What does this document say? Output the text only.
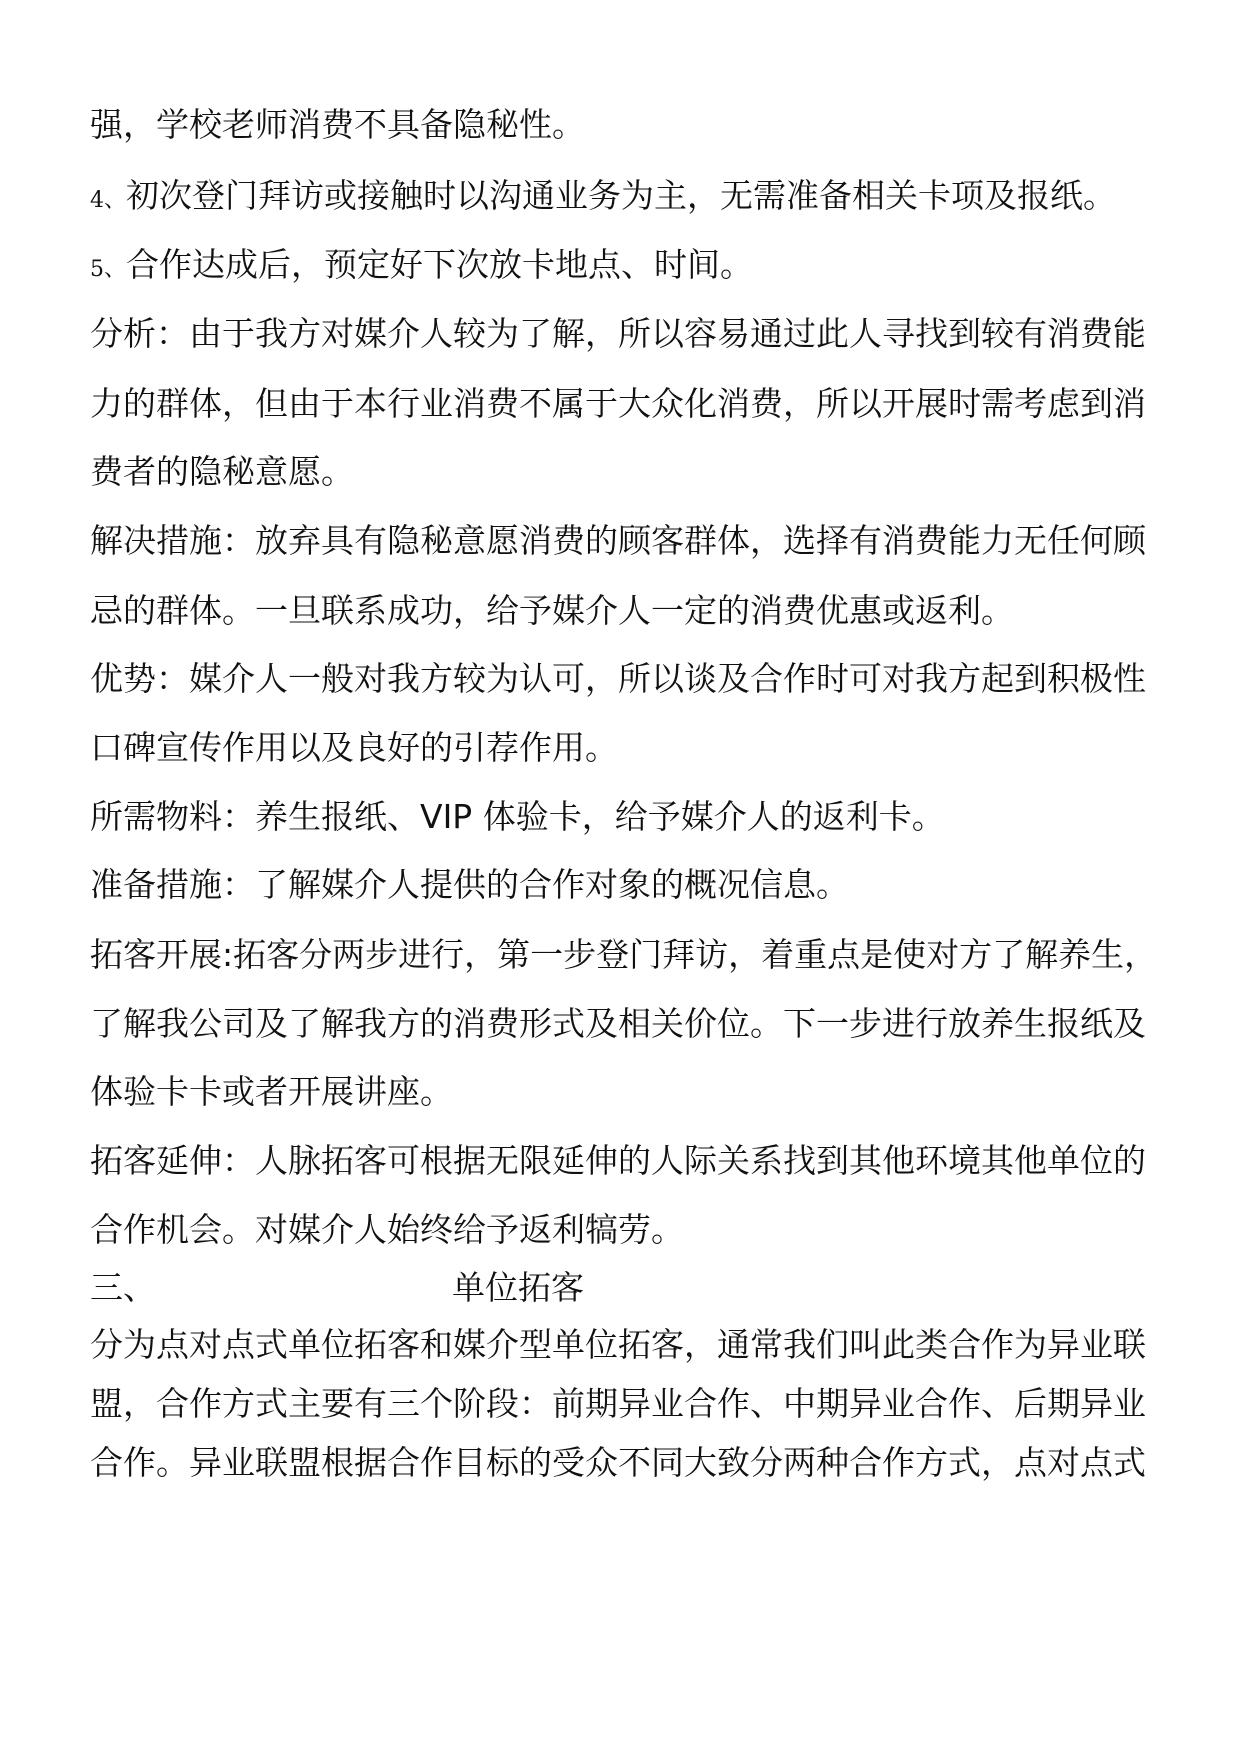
强，学校老师消费不具备隐秘性。
4、初次登门拜访或接触时以沟通业务为主，无需准备相关卡项及报纸。
5、合作达成后，预定好下次放卡地点、时间。
分析：由于我方对媒介人较为了解，所以容易通过此人寻找到较有消费能
力的群体，但由于本行业消费不属于大众化消费，所以开展时需考虑到消
费者的隐秘意愿。
解决措施：放弃具有隐秘意愿消费的顾客群体，选择有消费能力无任何顾
忌的群体。一旦联系成功，给予媒介人一定的消费优惠或返利。
优势：媒介人一般对我方较为认可，所以谈及合作时可对我方起到积极性
口碑宣传作用以及良好的引荐作用。
所需物料：养生报纸、VIP 体验卡，给予媒介人的返利卡。
准备措施：了解媒介人提供的合作对象的概况信息。
拓客开展:拓客分两步进行，第一步登门拜访，着重点是使对方了解养生，
了解我公司及了解我方的消费形式及相关价位。下一步进行放养生报纸及
体验卡卡或者开展讲座。
拓客延伸：人脉拓客可根据无限延伸的人际关系找到其他环境其他单位的
合作机会。对媒介人始终给予返利犒劳。
三、	单位拓客
分为点对点式单位拓客和媒介型单位拓客，通常我们叫此类合作为异业联
盟，合作方式主要有三个阶段：前期异业合作、中期异业合作、后期异业
合作。异业联盟根据合作目标的受众不同大致分两种合作方式，点对点式
